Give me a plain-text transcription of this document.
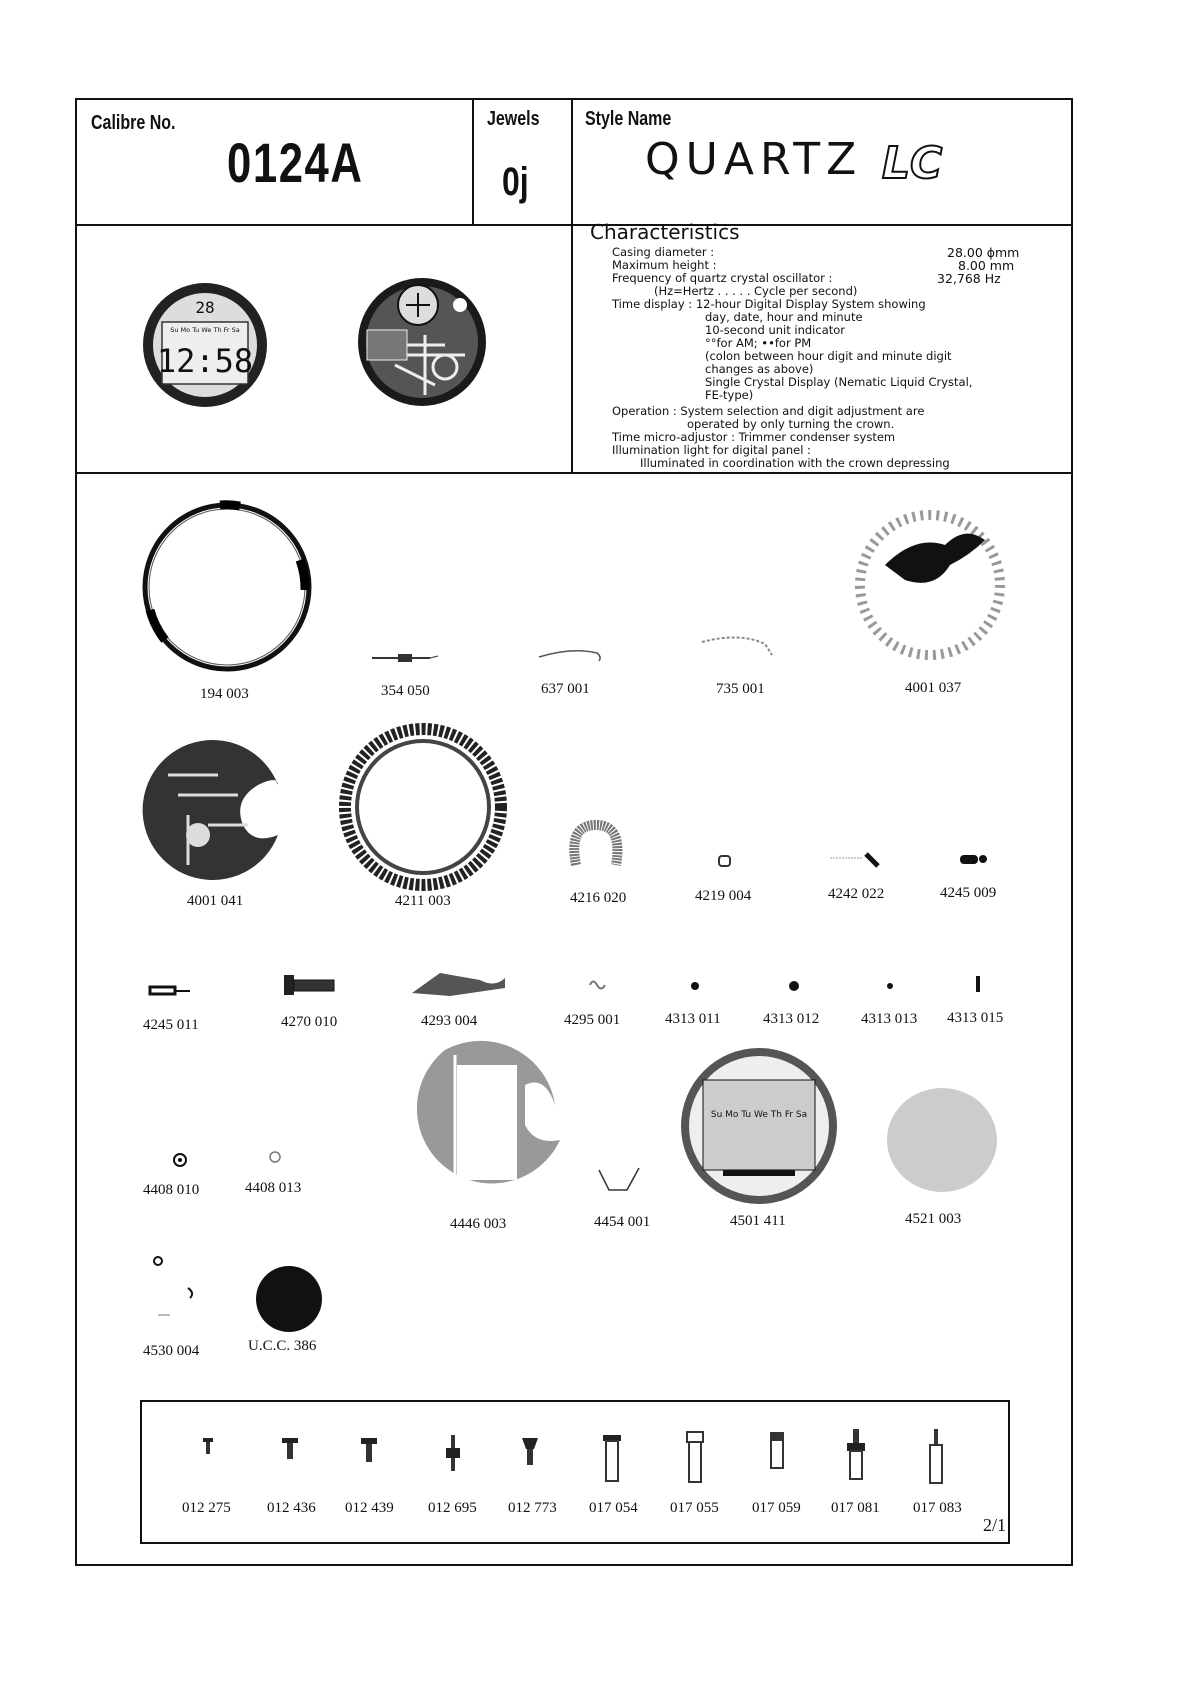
Calibre No.
0124A
Jewels
0j
Style Name
QUARTZ LC
Characteristics
Casing diameter :	28.00 ϕmm
Maximum height :	8.00 mm
Frequency of quartz crystal oscillator :	32,768 Hz
(Hz=Hertz . . . . . Cycle per second)
Time display : 12-hour Digital Display System showing
day, date, hour and minute
10-second unit indicator
°°for AM; ••for PM
(colon between hour digit and minute digit
changes as above)
Single Crystal Display (Nematic Liquid Crystal,
FE-type)
Operation : System selection and digit adjustment are
operated by only turning the crown.
Time micro-adjustor : Trimmer condenser system
Illumination light for digital panel :
Illuminated in coordination with the crown depressing
28
Su Mo Tu We Th Fr Sa
12:58
194 003	354 050	637 001	735 001	4001 037
4001 041	4211 003	4216 020	4219 004	4242 022	4245 009
4245 011	4270 010	4293 004	4295 001	4313 011	4313 012	4313 013 4313 015
4408 010	4408 013
4446 003	4454 001
Su Mo Tu We Th Fr Sa
4501 411	4521 003
4530 004	U.C.C. 386
012 275 012 436 012 439 012 695 012 773 017 054 017 055 017 059 017 081 017 083
2/1
